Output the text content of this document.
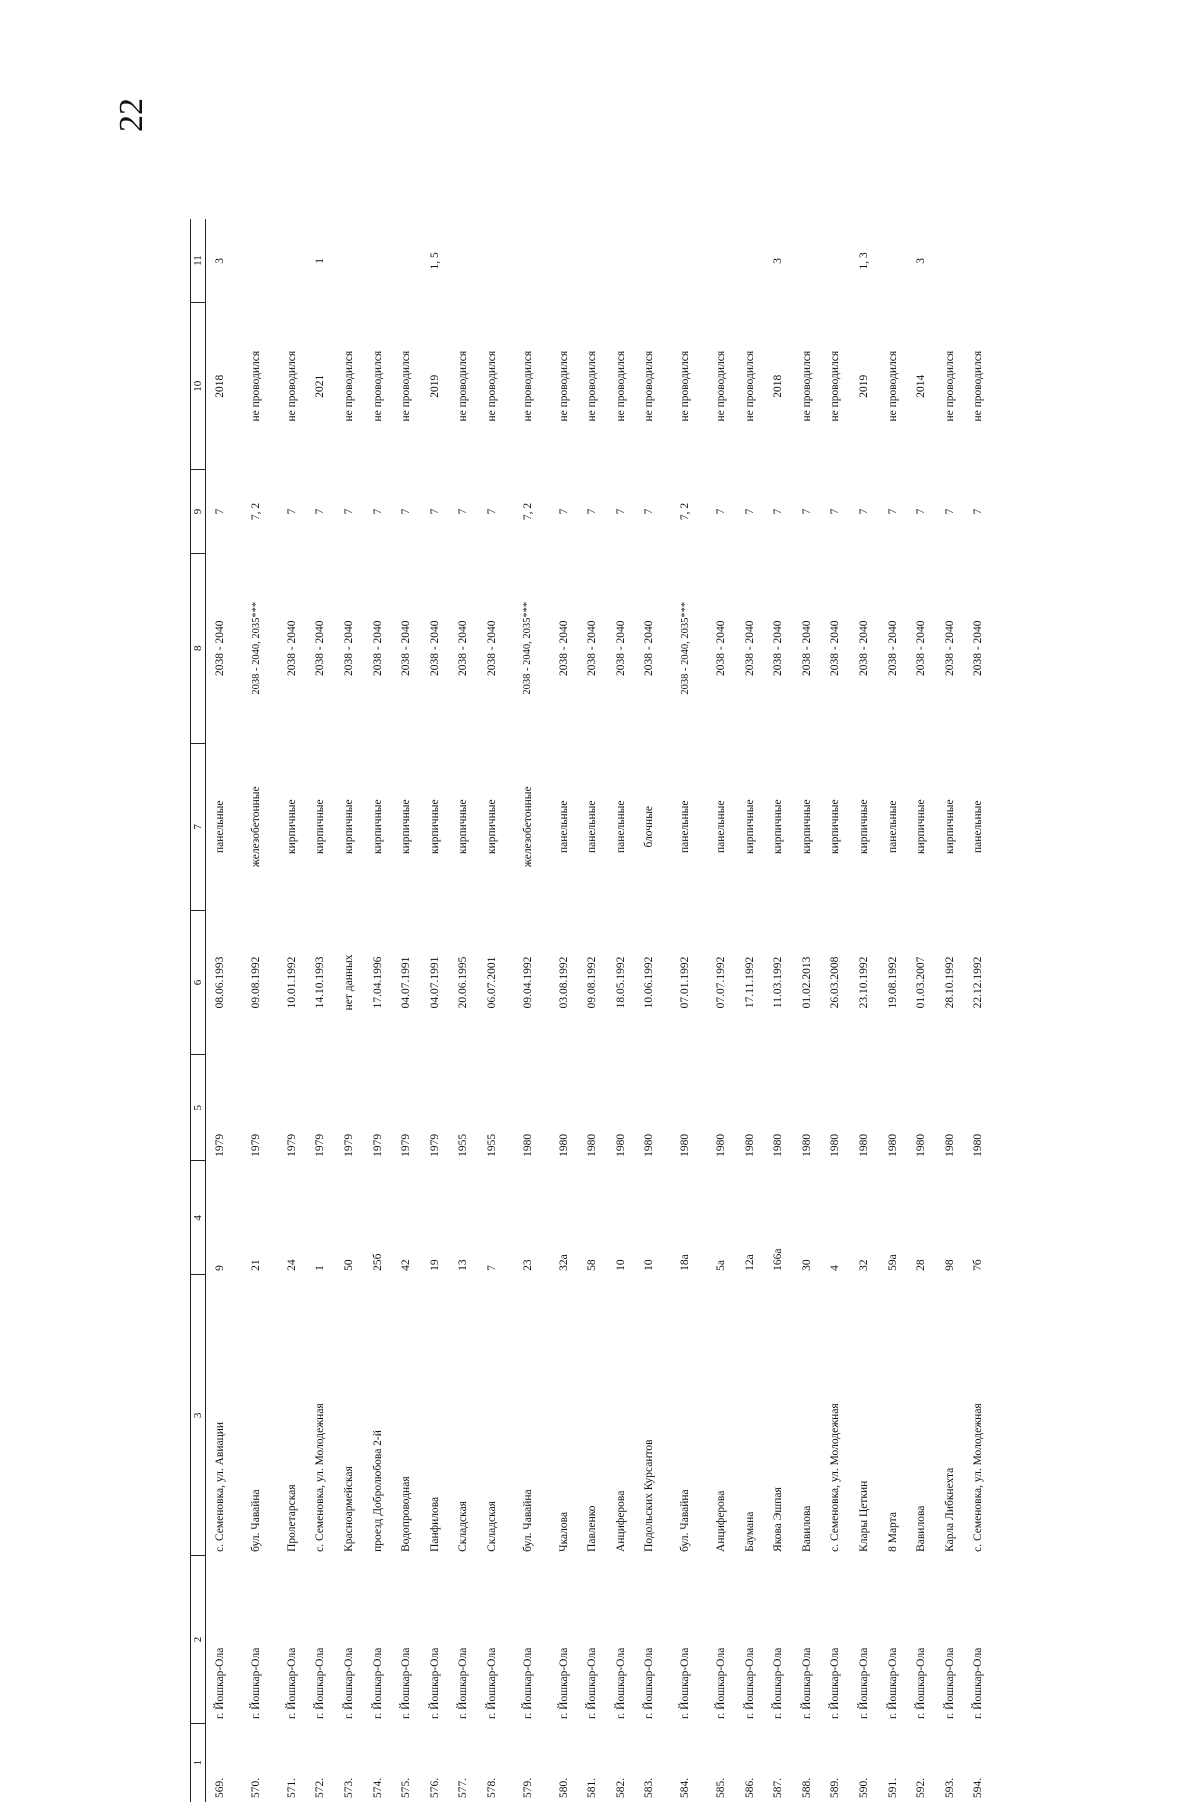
22
1	2	3	4	5	6	7	8	9	10	11
569.	г. Йошкар-Ола	с. Семеновка, ул. Авиации	9	1979	08.06.1993	панельные	2038 - 2040	7	2018	3
570.	г. Йошкар-Ола	бул. Чавайна	21	1979	09.08.1992	железобетонные	2038 - 2040, 2035***	7, 2	не проводился	
571.	г. Йошкар-Ола	Пролетарская	24	1979	10.01.1992	кирпичные	2038 - 2040	7	не проводился	
572.	г. Йошкар-Ола	с. Семеновка, ул. Молодежная	1	1979	14.10.1993	кирпичные	2038 - 2040	7	2021	1
573.	г. Йошкар-Ола	Красноармейская	50	1979	нет данных	кирпичные	2038 - 2040	7	не проводился	
574.	г. Йошкар-Ола	проезд Добролюбова 2-й	25б	1979	17.04.1996	кирпичные	2038 - 2040	7	не проводился	
575.	г. Йошкар-Ола	Водопроводная	42	1979	04.07.1991	кирпичные	2038 - 2040	7	не проводился	
576.	г. Йошкар-Ола	Панфилова	19	1979	04.07.1991	кирпичные	2038 - 2040	7	2019	1, 5
577.	г. Йошкар-Ола	Складская	13	1955	20.06.1995	кирпичные	2038 - 2040	7	не проводился	
578.	г. Йошкар-Ола	Складская	7	1955	06.07.2001	кирпичные	2038 - 2040	7	не проводился	
579.	г. Йошкар-Ола	бул. Чавайна	23	1980	09.04.1992	железобетонные	2038 - 2040, 2035***	7, 2	не проводился	
580.	г. Йошкар-Ола	Чкалова	32а	1980	03.08.1992	панельные	2038 - 2040	7	не проводился	
581.	г. Йошкар-Ола	Павленко	58	1980	09.08.1992	панельные	2038 - 2040	7	не проводился	
582.	г. Йошкар-Ола	Анциферова	10	1980	18.05.1992	панельные	2038 - 2040	7	не проводился	
583.	г. Йошкар-Ола	Подольских Курсантов	10	1980	10.06.1992	блочные	2038 - 2040	7	не проводился	
584.	г. Йошкар-Ола	бул. Чавайна	18а	1980	07.01.1992	панельные	2038 - 2040, 2035***	7, 2	не проводился	
585.	г. Йошкар-Ола	Анциферова	5а	1980	07.07.1992	панельные	2038 - 2040	7	не проводился	
586.	г. Йошкар-Ола	Баумана	12а	1980	17.11.1992	кирпичные	2038 - 2040	7	не проводился	
587.	г. Йошкар-Ола	Якова Эшпая	166а	1980	11.03.1992	кирпичные	2038 - 2040	7	2018	3
588.	г. Йошкар-Ола	Вавилова	30	1980	01.02.2013	кирпичные	2038 - 2040	7	не проводился	
589.	г. Йошкар-Ола	с. Семеновка, ул. Молодежная	4	1980	26.03.2008	кирпичные	2038 - 2040	7	не проводился	
590.	г. Йошкар-Ола	Клары Цеткин	32	1980	23.10.1992	кирпичные	2038 - 2040	7	2019	1, 3
591.	г. Йошкар-Ола	8 Марта	59а	1980	19.08.1992	панельные	2038 - 2040	7	не проводился	
592.	г. Йошкар-Ола	Вавилова	28	1980	01.03.2007	кирпичные	2038 - 2040	7	2014	3
593.	г. Йошкар-Ола	Карла Либкнехта	98	1980	28.10.1992	кирпичные	2038 - 2040	7	не проводился	
594.	г. Йошкар-Ола	с. Семеновка, ул. Молодежная	7б	1980	22.12.1992	панельные	2038 - 2040	7	не проводился	
